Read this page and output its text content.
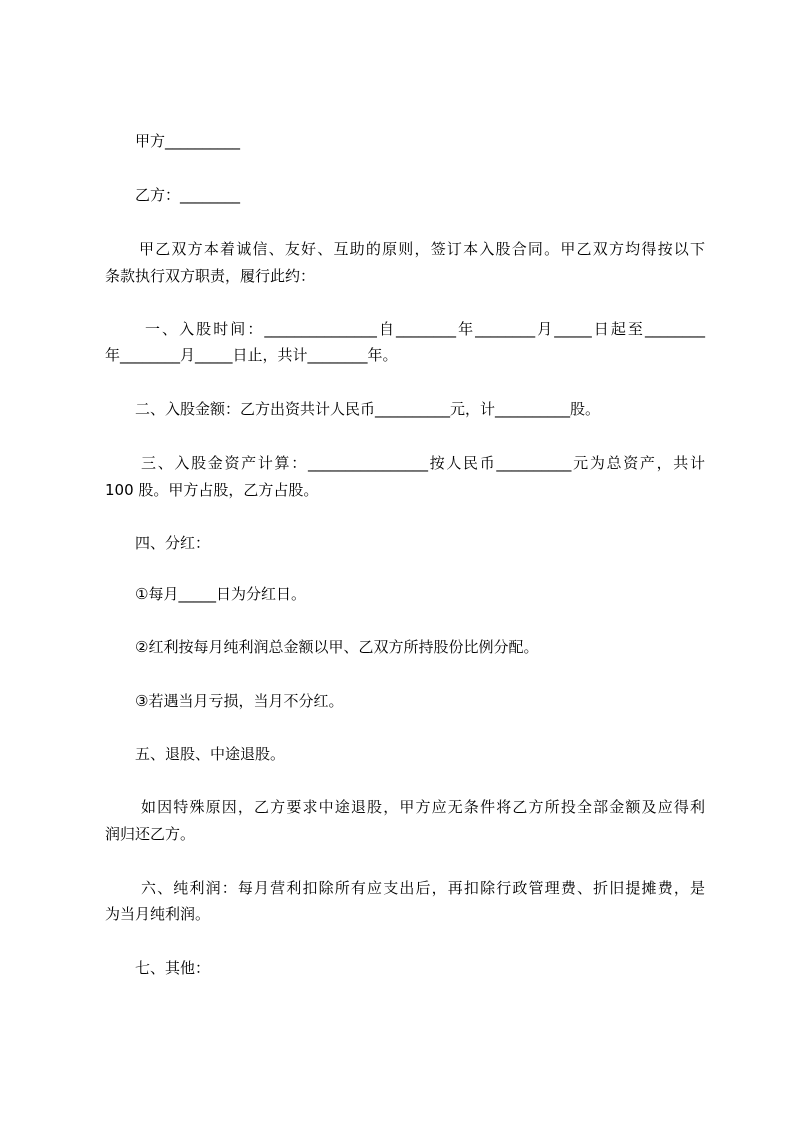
甲方__________

乙方：________

甲乙双方本着诚信、友好、互助的原则，签订本入股合同。甲乙双方均得按以下

条款执行双方职责，履行此约：

一、入股时间：_______________自________年________月_____日起至________

年________月_____日止，共计________年。

二、入股金额：乙方出资共计人民币__________元，计__________股。

三、入股金资产计算：________________按人民币__________元为总资产，共计

100 股。甲方占股，乙方占股。

四、分红：

①每月_____日为分红日。

②红利按每月纯利润总金额以甲、乙双方所持股份比例分配。

③若遇当月亏损，当月不分红。

五、退股、中途退股。

如因特殊原因，乙方要求中途退股，甲方应无条件将乙方所投全部金额及应得利

润归还乙方。

六、纯利润：每月营利扣除所有应支出后，再扣除行政管理费、折旧提摊费，是

为当月纯利润。

七、其他：
